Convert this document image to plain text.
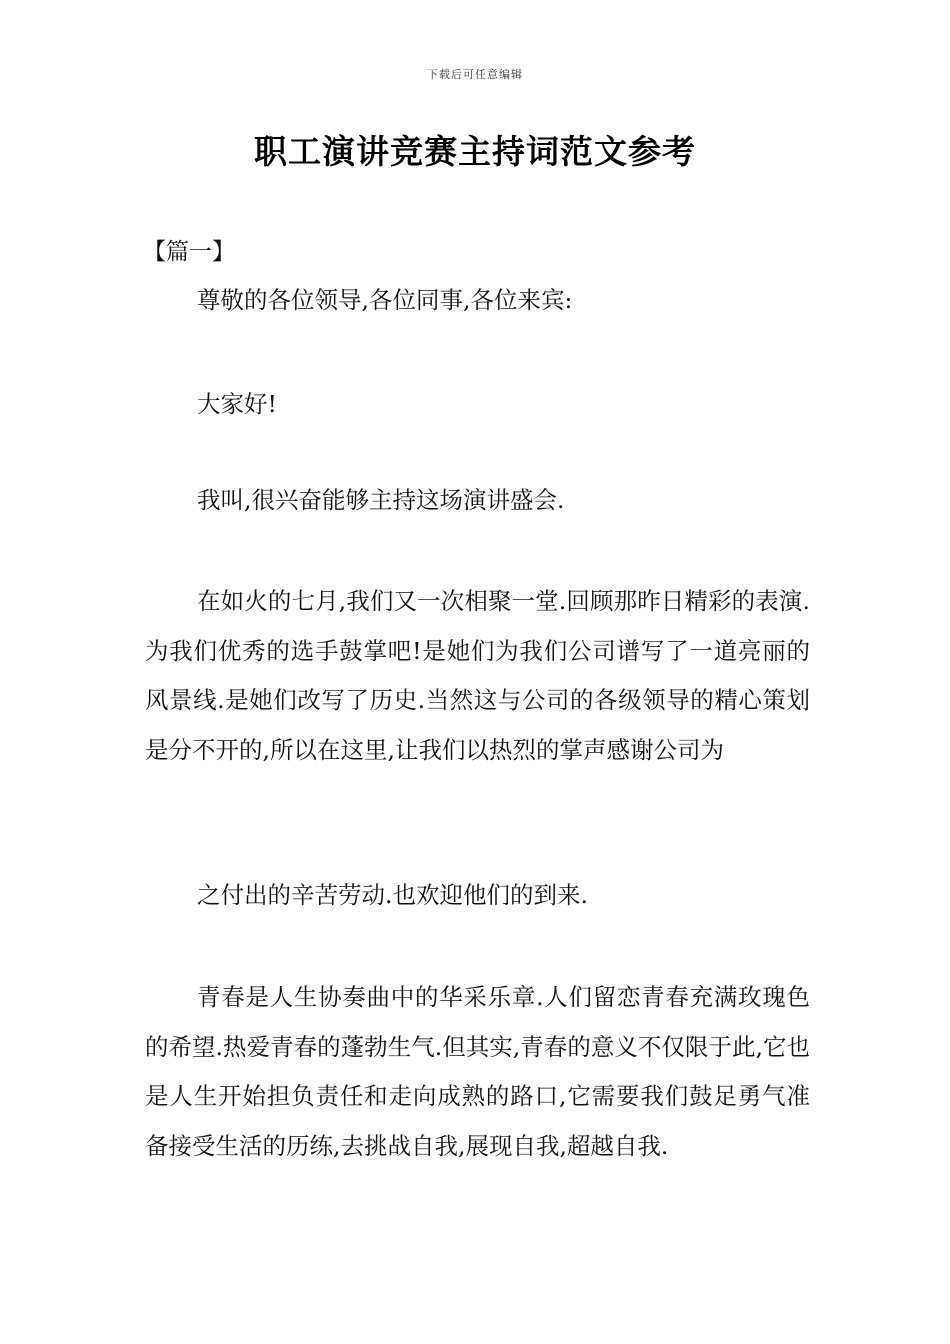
下载后可任意编辑
职工演讲竞赛主持词范文参考
【篇一】

尊敬的各位领导,各位同事,各位来宾:

大家好!

我叫,很兴奋能够主持这场演讲盛会.

在如火的七月,我们又一次相聚一堂.回顾那昨日精彩的表演.为我们优秀的选手鼓掌吧!是她们为我们公司谱写了一道亮丽的风景线.是她们改写了历史.当然这与公司的各级领导的精心策划是分不开的,所以在这里,让我们以热烈的掌声感谢公司为

之付出的辛苦劳动.也欢迎他们的到来.

青春是人生协奏曲中的华采乐章.人们留恋青春充满玫瑰色的希望.热爱青春的蓬勃生气.但其实,青春的意义不仅限于此,它也是人生开始担负责任和走向成熟的路口,它需要我们鼓足勇气准备接受生活的历练,去挑战自我,展现自我,超越自我.
